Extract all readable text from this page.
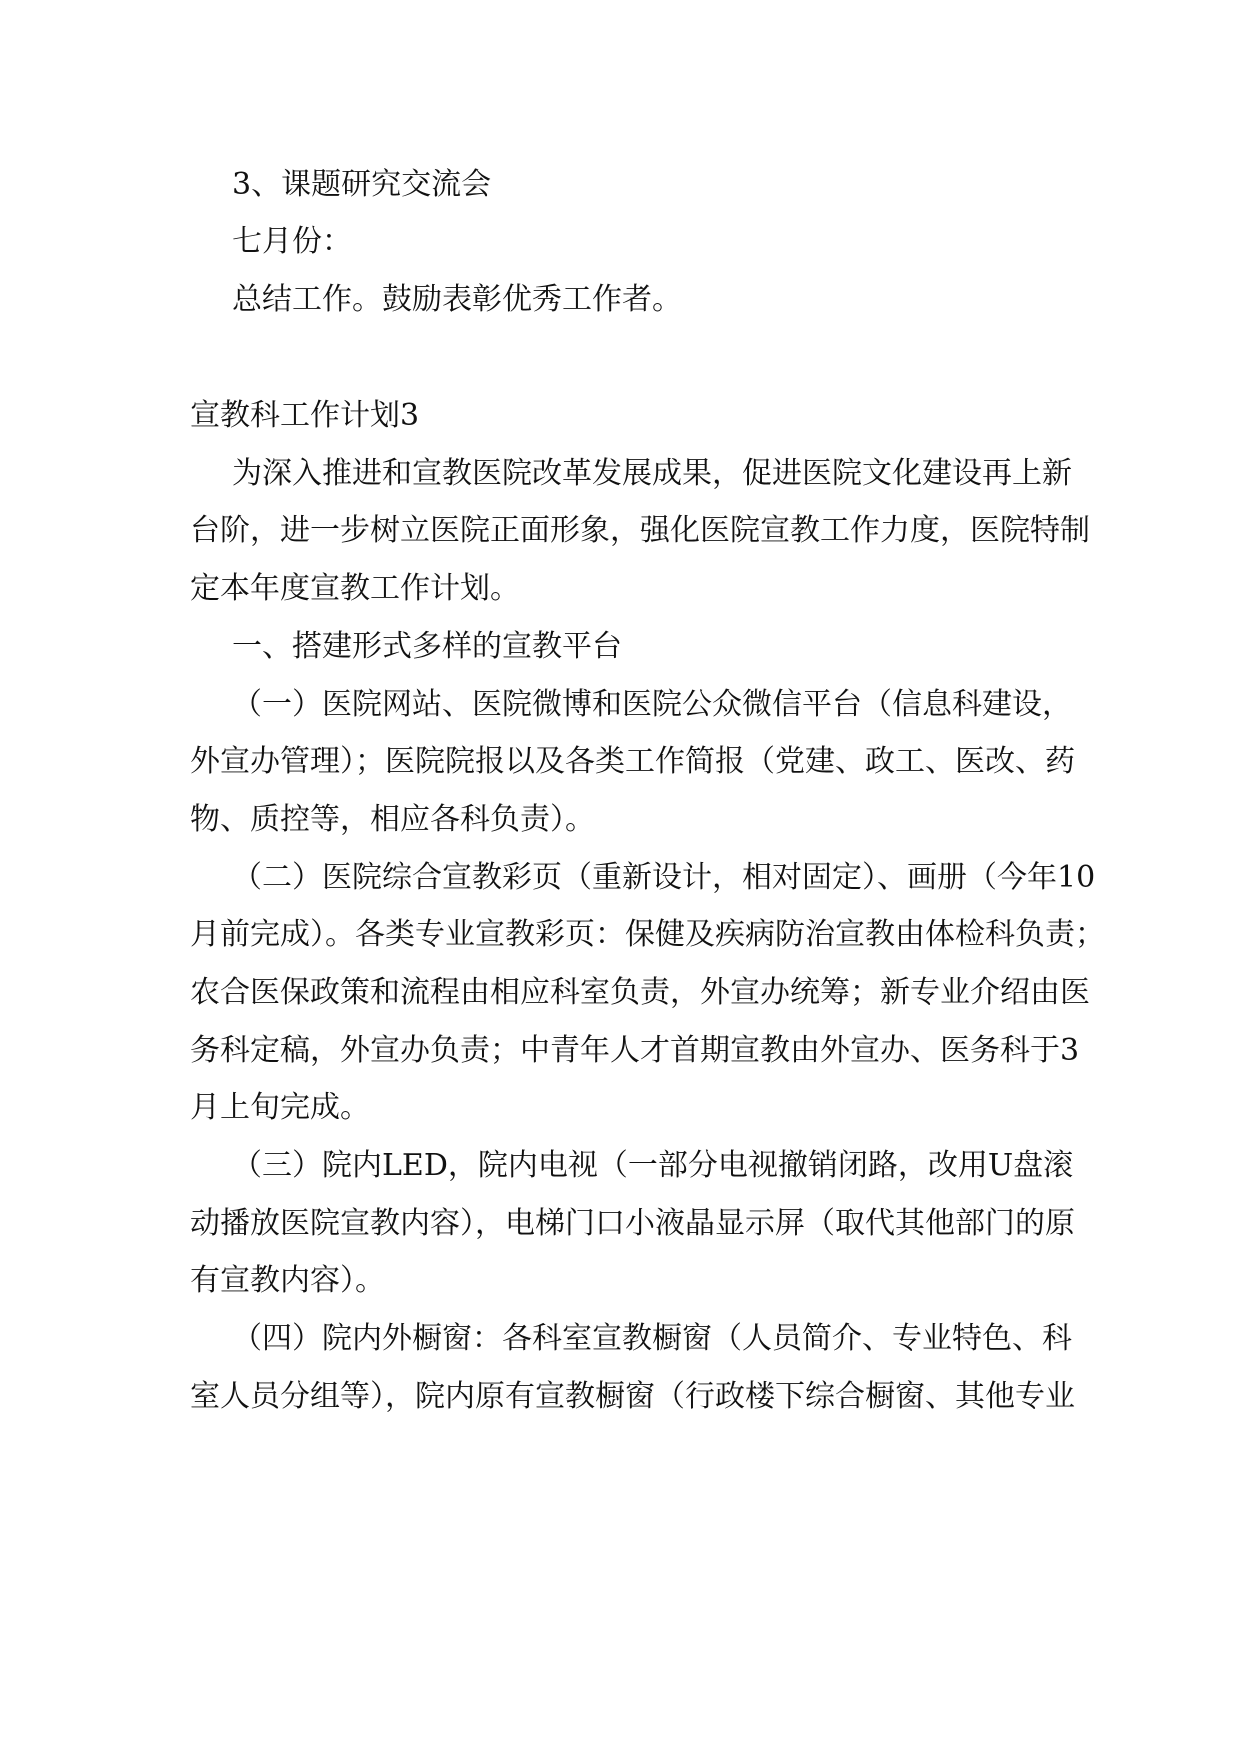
3、课题研究交流会
七月份：
总结工作。鼓励表彰优秀工作者。
宣教科工作计划3
为深入推进和宣教医院改革发展成果，促进医院文化建设再上新
台阶，进一步树立医院正面形象，强化医院宣教工作力度，医院特制
定本年度宣教工作计划。
一、搭建形式多样的宣教平台
（一）医院网站、医院微博和医院公众微信平台（信息科建设，
外宣办管理）；医院院报以及各类工作简报（党建、政工、医改、药
物、质控等，相应各科负责）。
（二）医院综合宣教彩页（重新设计，相对固定）、画册（今年10
月前完成）。各类专业宣教彩页：保健及疾病防治宣教由体检科负责；
农合医保政策和流程由相应科室负责，外宣办统筹；新专业介绍由医
务科定稿，外宣办负责；中青年人才首期宣教由外宣办、医务科于3
月上旬完成。
（三）院内LED，院内电视（一部分电视撤销闭路，改用U盘滚
动播放医院宣教内容），电梯门口小液晶显示屏（取代其他部门的原
有宣教内容）。
（四）院内外橱窗：各科室宣教橱窗（人员简介、专业特色、科
室人员分组等），院内原有宣教橱窗（行政楼下综合橱窗、其他专业
